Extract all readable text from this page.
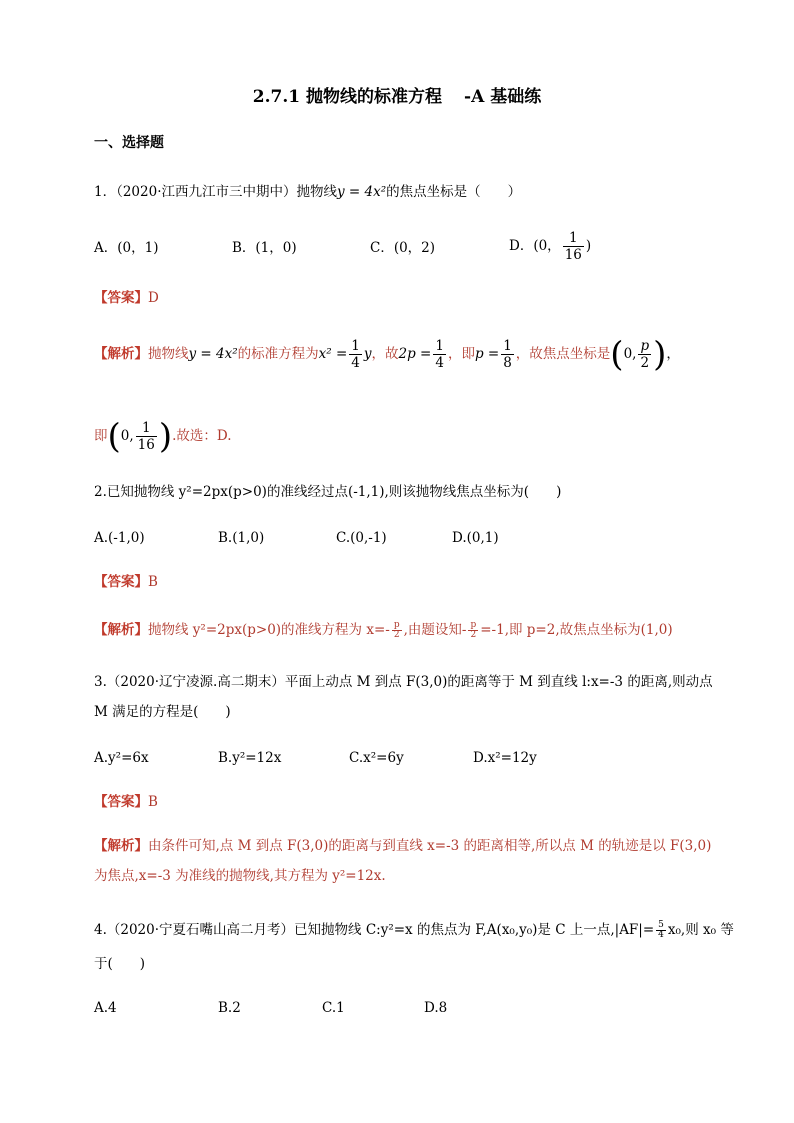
2.7.1 抛物线的标准方程 -A 基础练
一、选择题
1．（2020·江西九江市三中期中）抛物线y = 4x²的焦点坐标是（　　）
A．(0，1)	B．(1，0)	C．(0，2)	D．(0， $\frac{1}{16}$ )
【答案】D
【解析】抛物线y = 4x²的标准方程为$x^2 = \frac{1}{4}$ y，故$2p = \frac{1}{4}$ ，即$p = \frac{1}{8}$ ，故焦点坐标是(0, $\frac{p}{2}$ )，
即(0, $\frac{1}{16}$ ).故选：D.
2.已知抛物线 y²=2px(p>0)的准线经过点(-1,1),则该抛物线焦点坐标为(　　)
A.(-1,0)	B.(1,0)	C.(0,-1)	D.(0,1)
【答案】B
【解析】抛物线 y²=2px(p>0)的准线方程为 $x=- \frac{p}{2}$ ,由题设知- $\frac{p}{2} =-1$,即 p=2,故焦点坐标为(1,0)
3.（2020·辽宁凌源.高二期末）平面上动点 M 到点 F(3,0)的距离等于 M 到直线 l:x=-3 的距离,则动点
M 满足的方程是(　　)
A.y²=6x	B.y²=12x	C.x²=6y	D.x²=12y
【答案】B
【解析】由条件可知,点 M 到点 F(3,0)的距离与到直线 x=-3 的距离相等,所以点 M 的轨迹是以 F(3,0)
为焦点,x=-3 为准线的抛物线,其方程为 y²=12x.
4.（2020·宁夏石嘴山高二月考）已知抛物线 C:y²=x 的焦点为 F,A(x₀,y₀)是 C 上一点$,|AF|= \frac{5}{4} x_0$,则 x₀ 等
于(　　)
A.4	B.2	C.1	D.8
